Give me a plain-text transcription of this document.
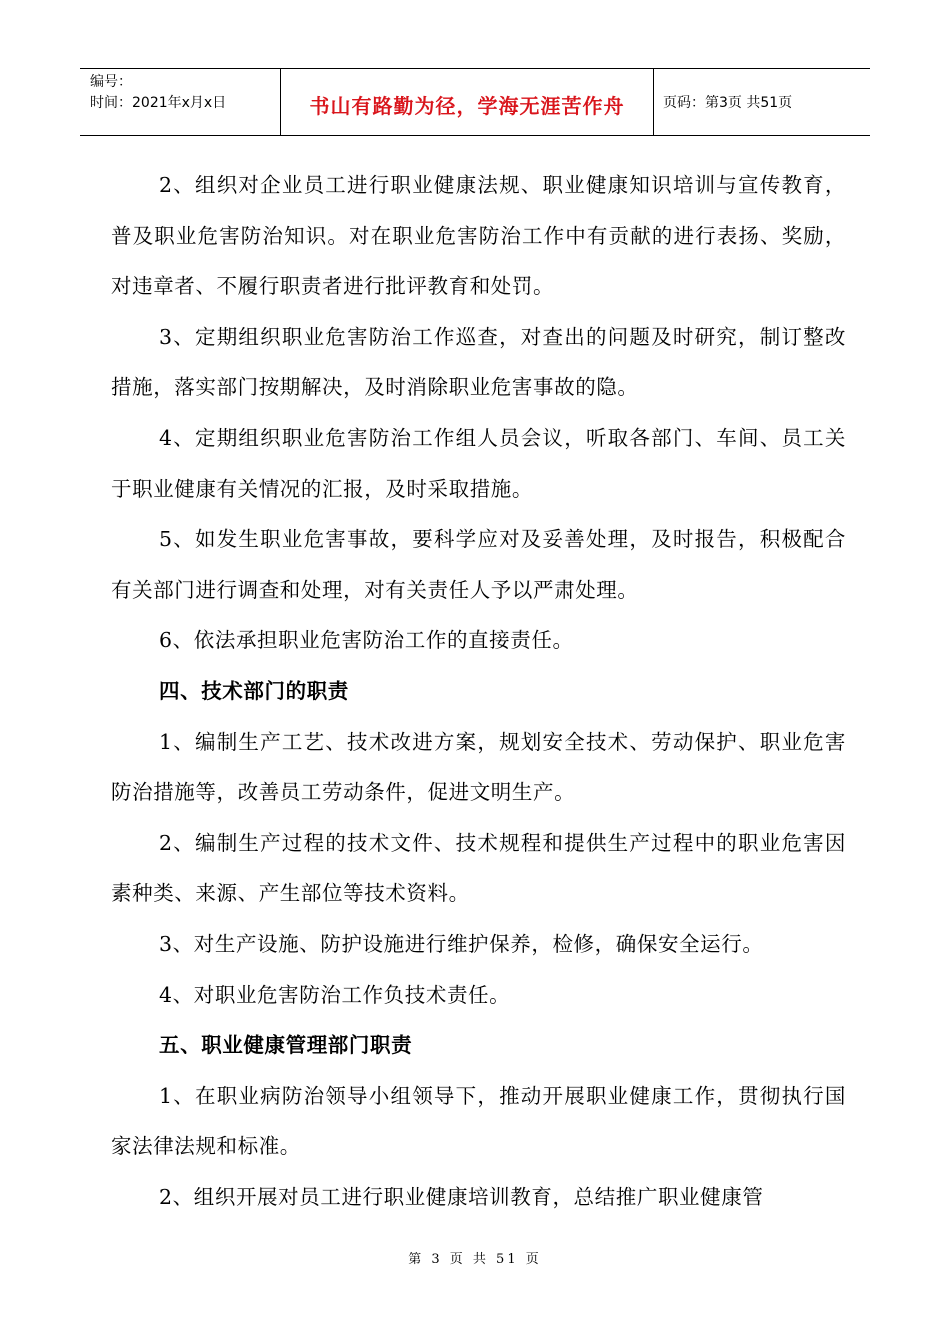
编号：
时间：2021年x月x日	书山有路勤为径，学海无涯苦作舟	页码：第3页 共51页

2、组织对企业员工进行职业健康法规、职业健康知识培训与宣传教育，普及职业危害防治知识。对在职业危害防治工作中有贡献的进行表扬、奖励，对违章者、不履行职责者进行批评教育和处罚。

3、定期组织职业危害防治工作巡查，对查出的问题及时研究，制订整改措施，落实部门按期解决，及时消除职业危害事故的隐。

4、定期组织职业危害防治工作组人员会议，听取各部门、车间、员工关于职业健康有关情况的汇报，及时采取措施。

5、如发生职业危害事故，要科学应对及妥善处理，及时报告，积极配合有关部门进行调查和处理，对有关责任人予以严肃处理。

6、依法承担职业危害防治工作的直接责任。

四、技术部门的职责

1、编制生产工艺、技术改进方案，规划安全技术、劳动保护、职业危害防治措施等，改善员工劳动条件，促进文明生产。

2、编制生产过程的技术文件、技术规程和提供生产过程中的职业危害因素种类、来源、产生部位等技术资料。

3、对生产设施、防护设施进行维护保养，检修，确保安全运行。

4、对职业危害防治工作负技术责任。

五、职业健康管理部门职责

1、在职业病防治领导小组领导下，推动开展职业健康工作，贯彻执行国家法律法规和标准。

2、组织开展对员工进行职业健康培训教育，总结推广职业健康管

第 3 页 共 51 页
